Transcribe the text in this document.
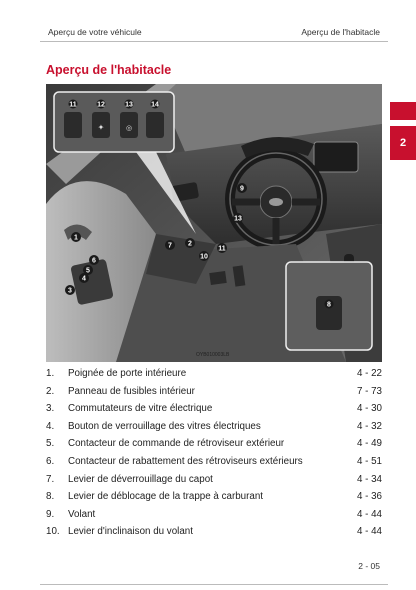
Aperçu de votre véhicule	Aperçu de l'habitacle
2
Aperçu de l'habitacle
11	12	13	14
✦	◎
8
1
2
3
4
5
6
7
9
10
11
13
OYB010003LB
1. Poignée de porte intérieure	4 - 22
2. Panneau de fusibles intérieur	7 - 73
3. Commutateurs de vitre électrique	4 - 30
4. Bouton de verrouillage des vitres électriques	4 - 32
5. Contacteur de commande de rétroviseur extérieur	4 - 49
6. Contacteur de rabattement des rétroviseurs extérieurs	4 - 51
7. Levier de déverrouillage du capot	4 - 34
8. Levier de déblocage de la trappe à carburant	4 - 36
9. Volant	4 - 44
10. Levier d'inclinaison du volant	4 - 44
2 - 05
